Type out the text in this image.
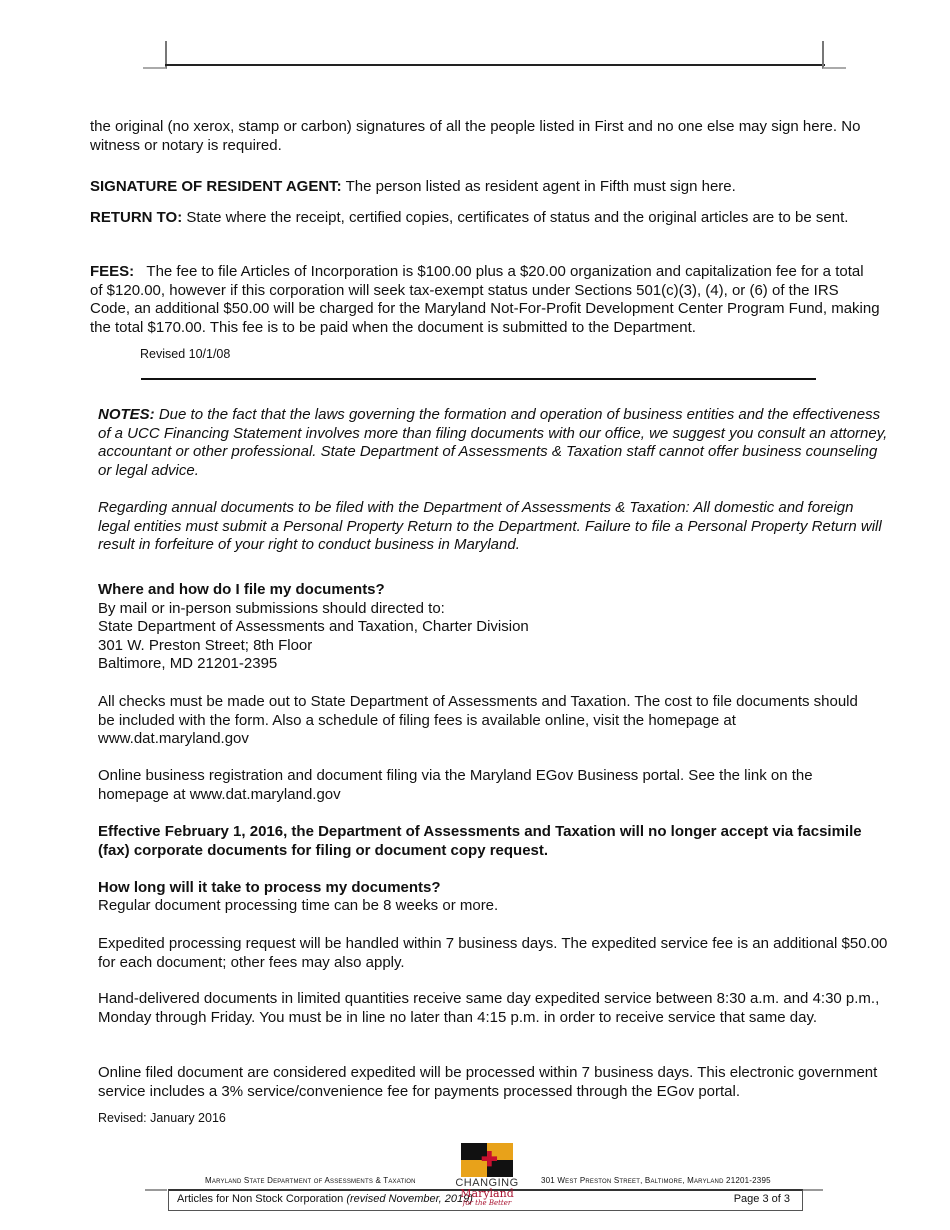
the original (no xerox, stamp or carbon) signatures of all the people listed in First and no one else may sign here. No witness or notary is required.
SIGNATURE OF RESIDENT AGENT: The person listed as resident agent in Fifth must sign here.
RETURN TO: State where the receipt, certified copies, certificates of status and the original articles are to be sent.
FEES:   The fee to file Articles of Incorporation is $100.00 plus a $20.00 organization and capitalization fee for a total of $120.00, however if this corporation will seek tax-exempt status under Sections 501(c)(3), (4), or (6) of the IRS Code, an additional $50.00 will be charged for the Maryland Not-For-Profit Development Center Program Fund, making the total $170.00. This fee is to be paid when the document is submitted to the Department.
Revised 10/1/08
NOTES: Due to the fact that the laws governing the formation and operation of business entities and the effectiveness of a UCC Financing Statement involves more than filing documents with our office, we suggest you consult an attorney, accountant or other professional. State Department of Assessments & Taxation staff cannot offer business counseling or legal advice.
Regarding annual documents to be filed with the Department of Assessments & Taxation: All domestic and foreign legal entities must submit a Personal Property Return to the Department. Failure to file a Personal Property Return will result in forfeiture of your right to conduct business in Maryland.
Where and how do I file my documents?
By mail or in-person submissions should directed to:
State Department of Assessments and Taxation, Charter Division
301 W. Preston Street; 8th Floor
Baltimore, MD 21201-2395
All checks must be made out to State Department of Assessments and Taxation. The cost to file documents should be included with the form. Also a schedule of filing fees is available online, visit the homepage at www.dat.maryland.gov
Online business registration and document filing via the Maryland EGov Business portal. See the link on the homepage at www.dat.maryland.gov
Effective February 1, 2016, the Department of Assessments and Taxation will no longer accept via facsimile (fax) corporate documents for filing or document copy request.
How long will it take to process my documents?
Regular document processing time can be 8 weeks or more.
Expedited processing request will be handled within 7 business days. The expedited service fee is an additional $50.00 for each document; other fees may also apply.
Hand-delivered documents in limited quantities receive same day expedited service between 8:30 a.m. and 4:30 p.m., Monday through Friday. You must be in line no later than 4:15 p.m. in order to receive service that same day.
Online filed document are considered expedited will be processed within 7 business days. This electronic government service includes a 3% service/convenience fee for payments processed through the EGov portal.
Revised: January 2016
Maryland State Department of Assessments & Taxation	301 West Preston Street, Baltimore, Maryland 21201-2395
Articles for Non Stock Corporation (revised November, 2019)	Page 3 of 3
✚
CHANGING
Maryland
for the Better
